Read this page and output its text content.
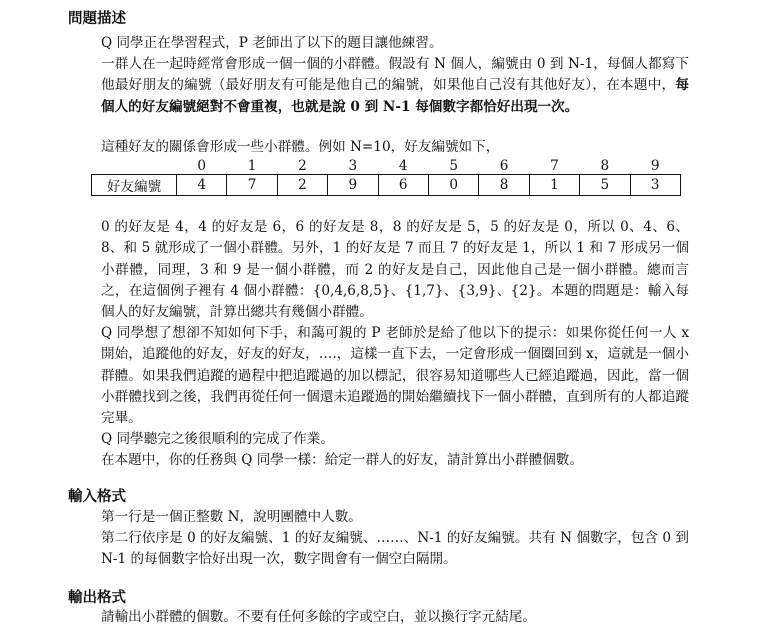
問題描述

Q 同學正在學習程式，P 老師出了以下的題目讓他練習。

一群人在一起時經常會形成一個一個的小群體。假設有 N 個人，編號由 0 到 N-1，每個人都寫下他最好朋友的編號（最好朋友有可能是他自己的編號，如果他自己沒有其他好友），在本題中，每個人的好友編號絕對不會重複，也就是說 0 到 N-1 每個數字都恰好出現一次。

這種好友的關係會形成一些小群體。例如 N=10，好友編號如下，

	0	1	2	3	4	5	6	7	8	9
好友編號	4	7	2	9	6	0	8	1	5	3

0 的好友是 4，4 的好友是 6，6 的好友是 8，8 的好友是 5，5 的好友是 0，所以 0、4、6、8、和 5 就形成了一個小群體。另外，1 的好友是 7 而且 7 的好友是 1，所以 1 和 7 形成另一個小群體，同理，3 和 9 是一個小群體，而 2 的好友是自己，因此他自己是一個小群體。總而言之，在這個例子裡有 4 個小群體：{0,4,6,8,5}、{1,7}、{3,9}、{2}。本題的問題是：輸入每個人的好友編號，計算出總共有幾個小群體。

Q 同學想了想卻不知如何下手，和藹可親的 P 老師於是給了他以下的提示：如果你從任何一人 x 開始，追蹤他的好友，好友的好友，….，這樣一直下去，一定會形成一個圈回到 x，這就是一個小群體。如果我們追蹤的過程中把追蹤過的加以標記，很容易知道哪些人已經追蹤過，因此，當一個小群體找到之後，我們再從任何一個還未追蹤過的開始繼續找下一個小群體，直到所有的人都追蹤完畢。

Q 同學聽完之後很順利的完成了作業。

在本題中，你的任務與 Q 同學一樣：給定一群人的好友，請計算出小群體個數。

輸入格式

第一行是一個正整數 N，說明團體中人數。

第二行依序是 0 的好友編號、1 的好友編號、……、N-1 的好友編號。共有 N 個數字，包含 0 到 N-1 的每個數字恰好出現一次，數字間會有一個空白隔開。

輸出格式

請輸出小群體的個數。不要有任何多餘的字或空白，並以換行字元結尾。
